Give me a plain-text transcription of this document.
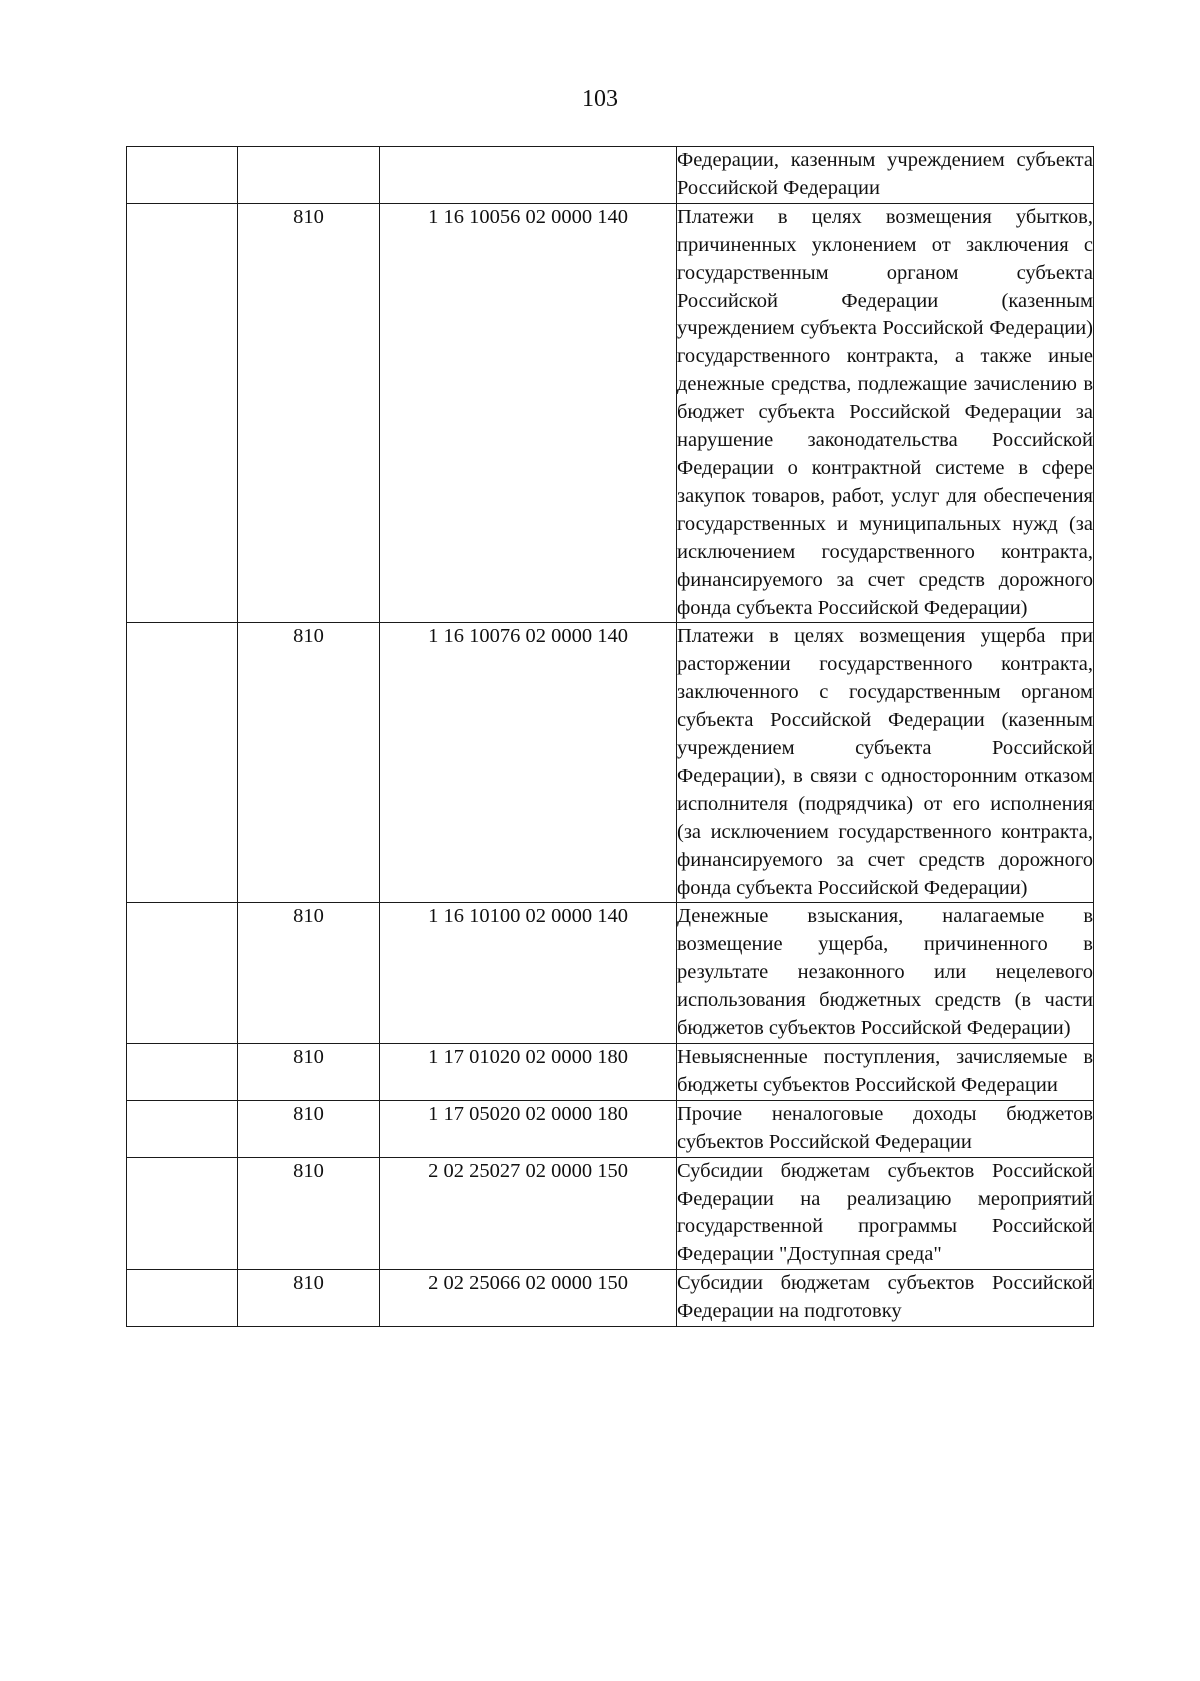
103
			Федерации, казенным учреждением субъекта Российской Федерации
	810	1 16 10056 02 0000 140	Платежи в целях возмещения убытков, причиненных уклонением от заключения с государственным органом субъекта Российской Федерации (казенным учреждением субъекта Российской Федерации) государственного контракта, а также иные денежные средства, подлежащие зачислению в бюджет субъекта Российской Федерации за нарушение законодательства Российской Федерации о контрактной системе в сфере закупок товаров, работ, услуг для обеспечения государственных и муниципальных нужд (за исключением государственного контракта, финансируемого за счет средств дорожного фонда субъекта Российской Федерации)
	810	1 16 10076 02 0000 140	Платежи в целях возмещения ущерба при расторжении государственного контракта, заключенного с государственным органом субъекта Российской Федерации (казенным учреждением субъекта Российской Федерации), в связи с односторонним отказом исполнителя (подрядчика) от его исполнения (за исключением государственного контракта, финансируемого за счет средств дорожного фонда субъекта Российской Федерации)
	810	1 16 10100 02 0000 140	Денежные взыскания, налагаемые в возмещение ущерба, причиненного в результате незаконного или нецелевого использования бюджетных средств (в части бюджетов субъектов Российской Федерации)
	810	1 17 01020 02 0000 180	Невыясненные поступления, зачисляемые в бюджеты субъектов Российской Федерации
	810	1 17 05020 02 0000 180	Прочие неналоговые доходы бюджетов субъектов Российской Федерации
	810	2 02 25027 02 0000 150	Субсидии бюджетам субъектов Российской Федерации на реализацию мероприятий государственной программы Российской Федерации "Доступная среда"
	810	2 02 25066 02 0000 150	Субсидии бюджетам субъектов Российской Федерации на подготовку
